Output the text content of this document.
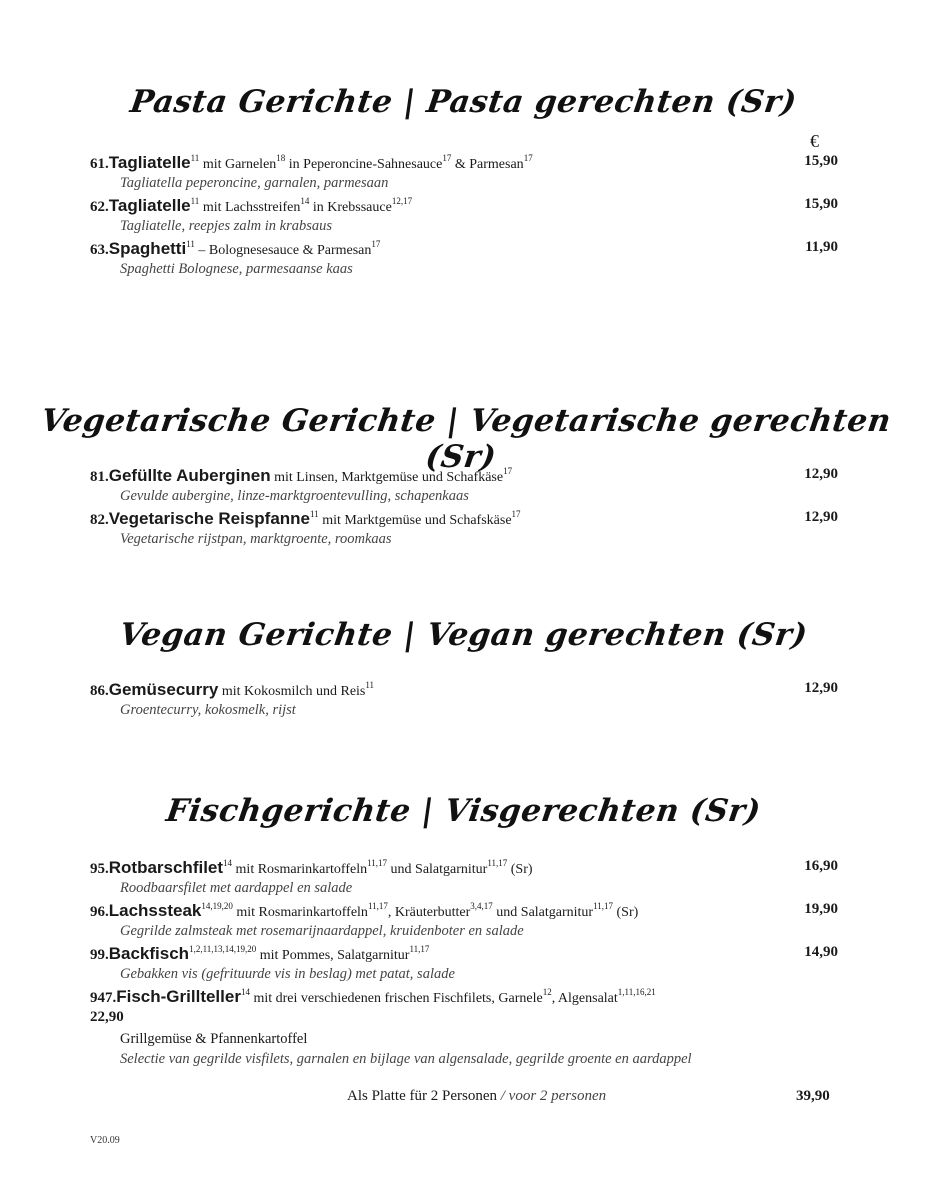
Pasta Gerichte | Pasta gerechten (Sr)
€
61.Tagliatelle$^{11}$ mit Garnelen$^{18}$ in Peperoncine-Sahnesauce$^{17}$ & Parmesan$^{17}$	15,90
Tagliatella peperoncine, garnalen, parmesaan
62.Tagliatelle$^{11}$ mit Lachsstreifen$^{14}$ in Krebssauce$^{12,17}$	15,90
Tagliatelle, reepjes zalm in krabsaus
63.Spaghetti$^{11}$ – Bolognesesauce & Parmesan$^{17}$	11,90
Spaghetti Bolognese, parmesaanse kaas
Vegetarische Gerichte | Vegetarische gerechten (Sr)
81.Gefüllte Auberginen mit Linsen, Marktgemüse und Schafkäse$^{17}$	12,90
Gevulde aubergine, linze-marktgroentevulling, schapenkaas
82.Vegetarische Reispfanne$^{11}$ mit Marktgemüse und Schafskäse$^{17}$	12,90
Vegetarische rijstpan, marktgroente, roomkaas
Vegan Gerichte | Vegan gerechten (Sr)
86.Gemüsecurry mit Kokosmilch und Reis$^{11}$	12,90
Groentecurry, kokosmelk, rijst
Fischgerichte | Visgerechten (Sr)
95.Rotbarschfilet$^{14}$ mit Rosmarinkartoffeln$^{11,17}$ und Salatgarnitur$^{11,17}$ (Sr)	16,90
Roodbaarsfilet met aardappel en salade
96.Lachssteak$^{14,19,20}$ mit Rosmarinkartoffeln$^{11,17}$, Kräuterbutter$^{3,4,17}$ und Salatgarnitur$^{11,17}$ (Sr)	19,90
Gegrilde zalmsteak met rosemarijnaardappel, kruidenboter en salade
99.Backfisch$^{1,2,11,13,14,19,20}$ mit Pommes, Salatgarnitur$^{11,17}$	14,90
Gebakken vis (gefrituurde vis in beslag) met patat, salade
947.Fisch-Grillteller$^{14}$ mit drei verschiedenen frischen Fischfilets, Garnele$^{12}$, Algensalat$^{1,11,16,21}$
22,90
Grillgemüse & Pfannenkartoffel
Selectie van gegrilde visfilets, garnalen en bijlage van algensalade, gegrilde groente en aardappel
Als Platte für 2 Personen / voor 2 personen	39,90
V20.09
